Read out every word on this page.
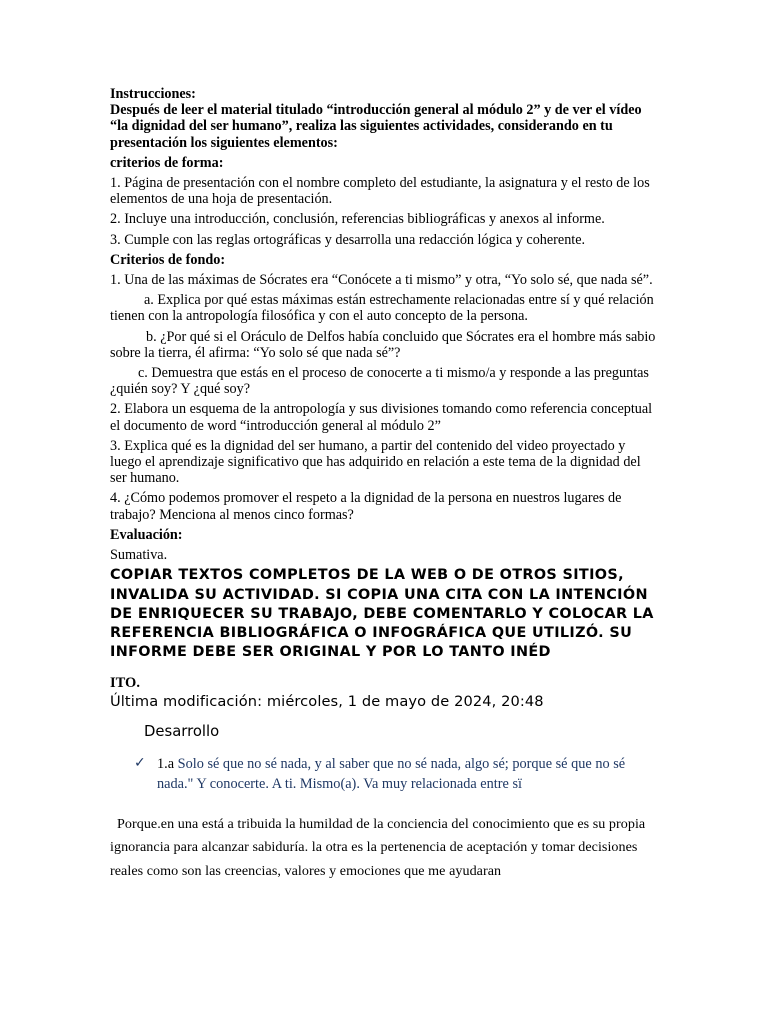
Instrucciones:

Después de leer el material titulado “introducción general al módulo 2” y de ver el vídeo “la dignidad del ser humano”, realiza las siguientes actividades, considerando en tu presentación los siguientes elementos:

criterios de forma:

1. Página de presentación con el nombre completo del estudiante, la asignatura y el resto de los elementos de una hoja de presentación.

2. Incluye una introducción, conclusión, referencias bibliográficas y anexos al informe.

3. Cumple con las reglas ortográficas y desarrolla una redacción lógica y coherente.

Criterios de fondo:

1. Una de las máximas de Sócrates era “Conócete a ti mismo” y otra, “Yo solo sé, que nada sé”.

a. Explica por qué estas máximas están estrechamente relacionadas entre sí y qué relación tienen con la antropología filosófica y con el auto concepto de la persona.

b. ¿Por qué si el Oráculo de Delfos había concluido que Sócrates era el hombre más sabio sobre la tierra, él afirma: “Yo solo sé que nada sé”?

c. Demuestra que estás en el proceso de conocerte a ti mismo/a y responde a las preguntas ¿quién soy? Y ¿qué soy?

2. Elabora un esquema de la antropología y sus divisiones tomando como referencia conceptual el documento de word “introducción general al módulo 2”

3. Explica qué es la dignidad del ser humano, a partir del contenido del video proyectado y luego el aprendizaje significativo que has adquirido en relación a este tema de la dignidad del ser humano.

4. ¿Cómo podemos promover el respeto a la dignidad de la persona en nuestros lugares de trabajo? Menciona al menos cinco formas?

Evaluación:

Sumativa.

COPIAR TEXTOS COMPLETOS DE LA WEB O DE OTROS SITIOS, INVALIDA SU ACTIVIDAD. SI COPIA UNA CITA CON LA INTENCIÓN DE ENRIQUECER SU TRABAJO, DEBE COMENTARLO Y COLOCAR LA REFERENCIA BIBLIOGRÁFICA O INFOGRÁFICA QUE UTILIZÓ. SU INFORME DEBE SER ORIGINAL Y POR LO TANTO INÉD

ITO.

Última modificación: miércoles, 1 de mayo de 2024, 20:48

Desarrollo

✓ 1.a Solo sé que no sé nada, y al saber que no sé nada, algo sé; porque sé que no sé nada." Y conocerte. A ti. Mismo(a). Va muy relacionada entre sï

Porque.en una está a tribuida la humildad de la conciencia del conocimiento que es su propia ignorancia para alcanzar sabiduría. la otra es la pertenencia de aceptación y tomar decisiones reales como son las creencias, valores y emociones que me ayudaran
